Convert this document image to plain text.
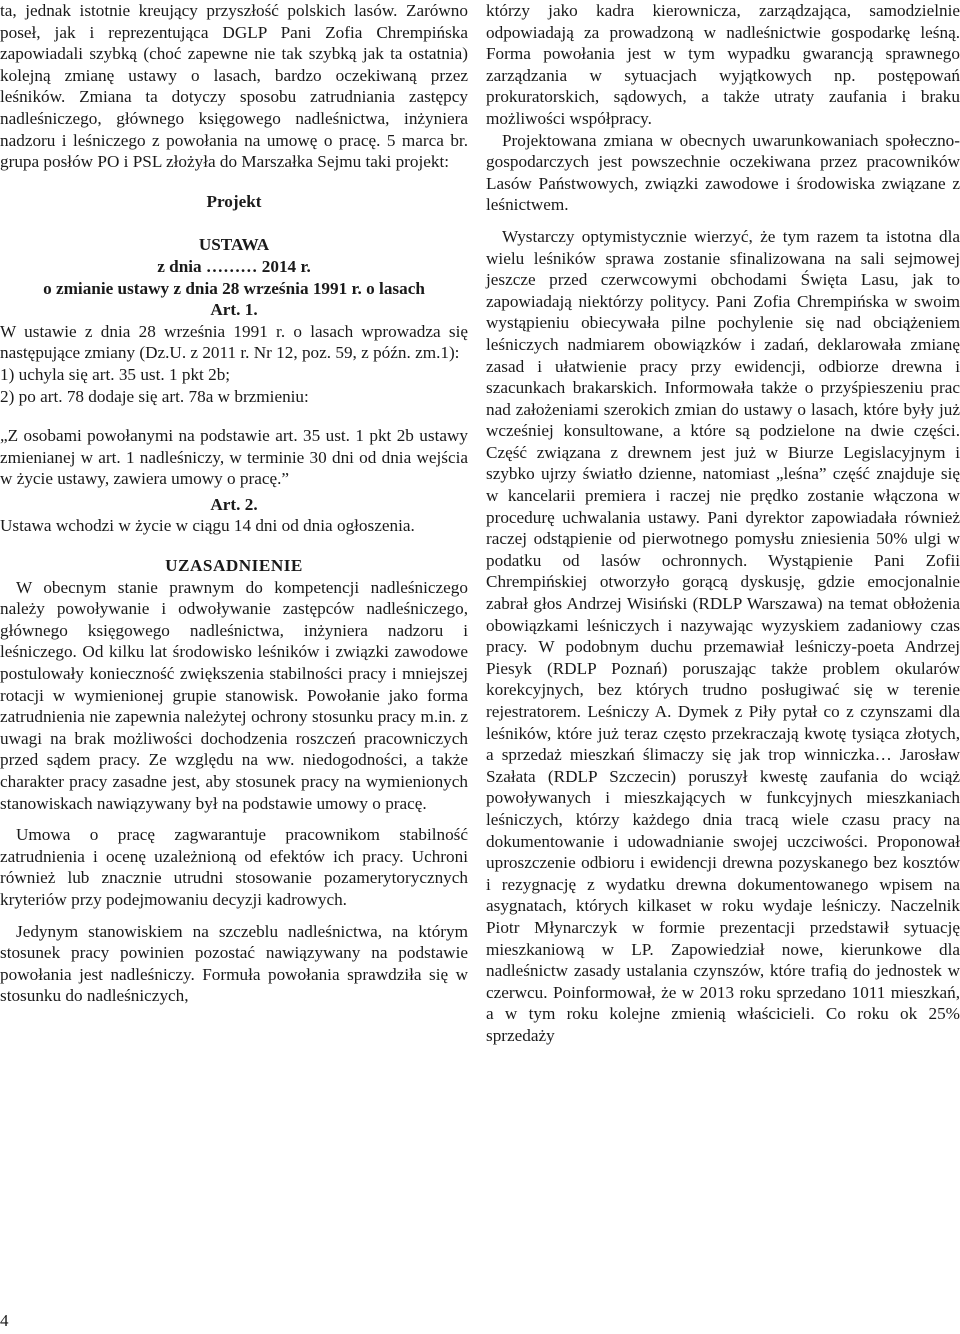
ta, jednak istotnie kreujący przyszłość polskich lasów. Zarówno poseł, jak i reprezentująca DGLP Pani Zofia Chrempińska zapowiadali szybką (choć zapewne nie tak szybką jak ta ostatnia) kolejną zmianę ustawy o lasach, bardzo oczekiwaną przez leśników. Zmiana ta dotyczy sposobu zatrudniania zastępcy nadleśniczego, głównego księgowego nadleśnictwa, inżyniera nadzoru i leśniczego z powołania na umowę o pracę. 5 marca br. grupa posłów PO i PSL złożyła do Marszałka Sejmu taki projekt:

Projekt

USTAWA

z dnia ……… 2014 r.

o zmianie ustawy z dnia 28 września 1991 r. o lasach

Art. 1.

W ustawie z dnia 28 września 1991 r. o lasach wprowadza się następujące zmiany (Dz.U. z 2011 r. Nr 12, poz. 59, z późn. zm.1):

1) uchyla się art. 35 ust. 1 pkt 2b;

2) po art. 78 dodaje się art. 78a w brzmieniu:

„Z osobami powołanymi na podstawie art. 35 ust. 1 pkt 2b ustawy zmienianej w art. 1 nadleśniczy, w terminie 30 dni od dnia wejścia w życie ustawy, zawiera umowy o pracę.”

Art. 2.

Ustawa wchodzi w życie w ciągu 14 dni od dnia ogłoszenia.

UZASADNIENIE

W obecnym stanie prawnym do kompetencji nadleśniczego należy powoływanie i odwoływanie zastępców nadleśniczego, głównego księgowego nadleśnictwa, inżyniera nadzoru i leśniczego. Od kilku lat środowisko leśników i związki zawodowe postulowały konieczność zwiększenia stabilności pracy i mniejszej rotacji w wymienionej grupie stanowisk. Powołanie jako forma zatrudnienia nie zapewnia należytej ochrony stosunku pracy m.in. z uwagi na brak możliwości dochodzenia roszczeń pracowniczych przed sądem pracy. Ze względu na ww. niedogodności, a także charakter pracy zasadne jest, aby stosunek pracy na wymienionych stanowiskach nawiązywany był na podstawie umowy o pracę.

Umowa o pracę zagwarantuje pracownikom stabilność zatrudnienia i ocenę uzależnioną od efektów ich pracy. Uchroni również lub znacznie utrudni stosowanie pozamerytorycznych kryteriów przy podejmowaniu decyzji kadrowych.

Jedynym stanowiskiem na szczeblu nadleśnictwa, na którym stosunek pracy powinien pozostać nawiązywany na podstawie powołania jest nadleśniczy. Formuła powołania sprawdziła się w stosunku do nadleśniczych,

którzy jako kadra kierownicza, zarządzająca, samodzielnie odpowiadają za prowadzoną w nadleśnictwie gospodarkę leśną. Forma powołania jest w tym wypadku gwarancją sprawnego zarządzania w sytuacjach wyjątkowych np. postępowań prokuratorskich, sądowych, a także utraty zaufania i braku możliwości współpracy.

Projektowana zmiana w obecnych uwarunkowaniach społeczno-gospodarczych jest powszechnie oczekiwana przez pracowników Lasów Państwowych, związki zawodowe i środowiska związane z leśnictwem.

Wystarczy optymistycznie wierzyć, że tym razem ta istotna dla wielu leśników sprawa zostanie sfinalizowana na sali sejmowej jeszcze przed czerwcowymi obchodami Święta Lasu, jak to zapowiadają niektórzy politycy. Pani Zofia Chrempińska w swoim wystąpieniu obiecywała pilne pochylenie się nad obciążeniem leśniczych nadmiarem obowiązków i zadań, deklarowała zmianę zasad i ułatwienie pracy przy ewidencji, odbiorze drewna i szacunkach brakarskich. Informowała także o przyśpieszeniu prac nad założeniami szerokich zmian do ustawy o lasach, które były już wcześniej konsultowane, a które są podzielone na dwie części. Część związana z drewnem jest już w Biurze Legislacyjnym i szybko ujrzy światło dzienne, natomiast „leśna” część znajduje się w kancelarii premiera i raczej nie prędko zostanie włączona w procedurę uchwalania ustawy. Pani dyrektor zapowiadała również raczej odstąpienie od pierwotnego pomysłu zniesienia 50% ulgi w podatku od lasów ochronnych. Wystąpienie Pani Zofii Chrempińskiej otworzyło gorącą dyskusję, gdzie emocjonalnie zabrał głos Andrzej Wisiński (RDLP Warszawa) na temat obłożenia obowiązkami leśniczych i nazywając wyzyskiem zadaniowy czas pracy. W podobnym duchu przemawiał leśniczy-poeta Andrzej Piesyk (RDLP Poznań) poruszając także problem okularów korekcyjnych, bez których trudno posługiwać się w terenie rejestratorem. Leśniczy A. Dymek z Piły pytał co z czynszami dla leśników, które już teraz często przekraczają kwotę tysiąca złotych, a sprzedaż mieszkań ślimaczy się jak trop winniczka… Jarosław Szałata (RDLP Szczecin) poruszył kwestę zaufania do wciąż powoływanych i mieszkających w funkcyjnych mieszkaniach leśniczych, którzy każdego dnia tracą wiele czasu pracy na dokumentowanie i udowadnianie swojej uczciwości. Proponował uproszczenie odbioru i ewidencji drewna pozyskanego bez kosztów i rezygnację z wydatku drewna dokumentowanego wpisem na asygnatach, których kilkaset w roku wydaje leśniczy. Naczelnik Piotr Młynarczyk w formie prezentacji przedstawił sytuację mieszkaniową w LP. Zapowiedział nowe, kierunkowe dla nadleśnictw zasady ustalania czynszów, które trafią do jednostek w czerwcu. Poinformował, że w 2013 roku sprzedano 1011 mieszkań, a w tym roku kolejne zmienią właścicieli. Co roku ok 25% sprzedaży

4
